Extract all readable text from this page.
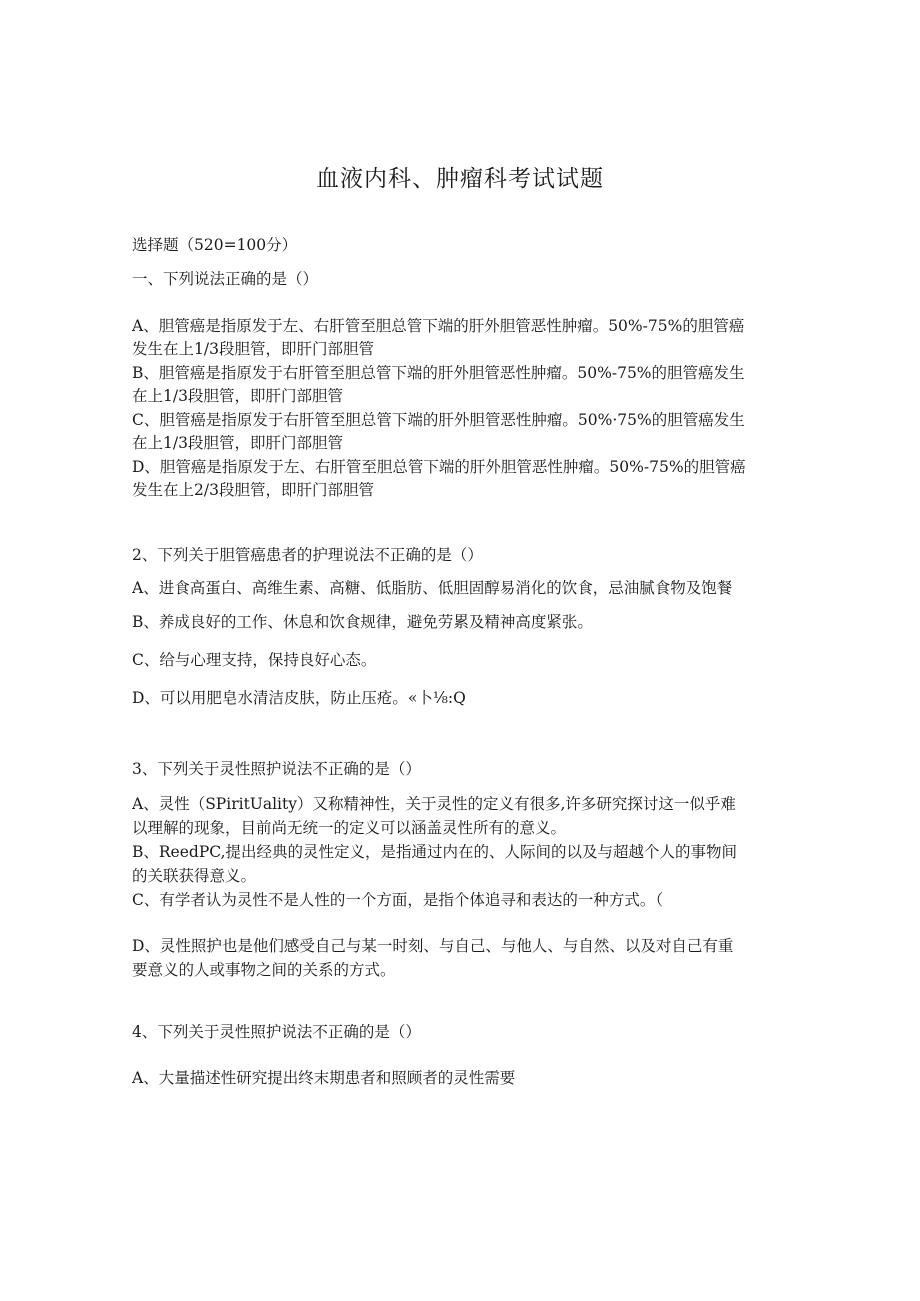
血液内科、肿瘤科考试试题
选择题（520=100分）
一、下列说法正确的是（）
A、胆管癌是指原发于左、右肝管至胆总管下端的肝外胆管恶性肿瘤。50%-75%的胆管癌
发生在上1/3段胆管，即肝门部胆管
B、胆管癌是指原发于右肝管至胆总管下端的肝外胆管恶性肿瘤。50%-75%的胆管癌发生
在上1/3段胆管，即肝门部胆管
C、胆管癌是指原发于右肝管至胆总管下端的肝外胆管恶性肿瘤。50%·75%的胆管癌发生
在上1/3段胆管，即肝门部胆管
D、胆管癌是指原发于左、右肝管至胆总管下端的肝外胆管恶性肿瘤。50%-75%的胆管癌
发生在上2/3段胆管，即肝门部胆管
2、下列关于胆管癌患者的护理说法不正确的是（）
A、进食高蛋白、高维生素、高糖、低脂肪、低胆固醇易消化的饮食，忌油腻食物及饱餐
B、养成良好的工作、休息和饮食规律，避免劳累及精神高度紧张。
C、给与心理支持，保持良好心态。
D、可以用肥皂水清洁皮肤，防止压疮。«卜⅛:Q
3、下列关于灵性照护说法不正确的是（）
A、灵性（SPiritUality）又称精神性，关于灵性的定义有很多,许多研究探讨这一似乎难
以理解的现象，目前尚无统一的定义可以涵盖灵性所有的意义。
B、ReedPC,提出经典的灵性定义，是指通过内在的、人际间的以及与超越个人的事物间
的关联获得意义。
C、有学者认为灵性不是人性的一个方面，是指个体追寻和表达的一种方式。（
D、灵性照护也是他们感受自己与某一时刻、与自己、与他人、与自然、以及对自己有重
要意义的人或事物之间的关系的方式。
4、下列关于灵性照护说法不正确的是（）
A、大量描述性研究提出终末期患者和照顾者的灵性需要
